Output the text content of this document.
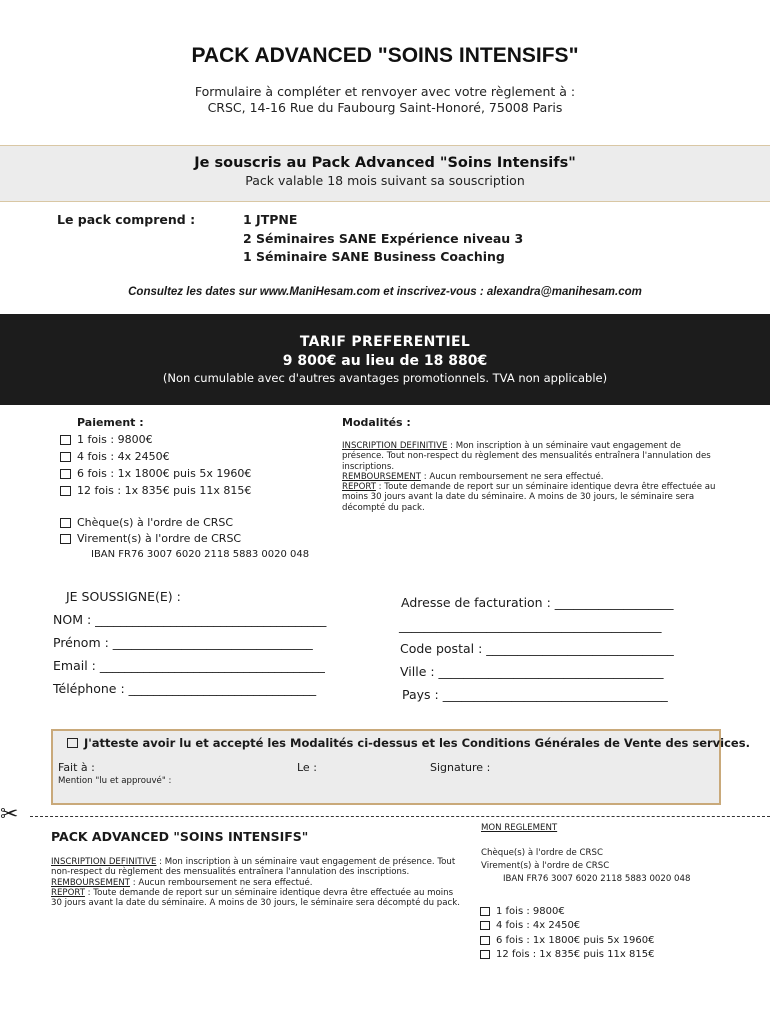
PACK ADVANCED "SOINS INTENSIFS"
Formulaire à compléter et renvoyer avec votre règlement à :
CRSC, 14-16 Rue du Faubourg Saint-Honoré, 75008 Paris
Je souscris au Pack Advanced "Soins Intensifs"
Pack valable 18 mois suivant sa souscription
Le pack comprend :	1 JTPNE
2 Séminaires SANE Expérience niveau 3
1 Séminaire SANE Business Coaching
Consultez les dates sur www.ManiHesam.com et inscrivez-vous : alexandra@manihesam.com
TARIF PREFERENTIEL
9 800€ au lieu de 18 880€
(Non cumulable avec d'autres avantages promotionnels. TVA non applicable)
Paiement :
1 fois : 9800€
4 fois : 4x 2450€
6 fois : 1x 1800€ puis 5x 1960€
12 fois : 1x 835€ puis 11x 815€
Chèque(s) à l'ordre de CRSC
Virement(s) à l'ordre de CRSC
IBAN FR76 3007 6020 2118 5883 0020 048
Modalités :
INSCRIPTION DEFINITIVE : Mon inscription à un séminaire vaut engagement de présence. Tout non-respect du règlement des mensualités entraînera l'annulation des inscriptions.
REMBOURSEMENT : Aucun remboursement ne sera effectué.
REPORT : Toute demande de report sur un séminaire identique devra être effectuée au moins 30 jours avant la date du séminaire. A moins de 30 jours, le séminaire sera décompté du pack.
JE SOUSSIGNE(E) :
NOM : _____________________________________
Prénom : ________________________________
Email : ____________________________________
Téléphone : ______________________________
Adresse de facturation : ___________________
__________________________________________
Code postal : ______________________________
Ville : ____________________________________
Pays : ____________________________________
J'atteste avoir lu et accepté les Modalités ci-dessus et les Conditions Générales de Vente des services.
Fait à :	Le :	Signature :
Mention "lu et approuvé" :
✂
PACK ADVANCED "SOINS INTENSIFS"
INSCRIPTION DEFINITIVE : Mon inscription à un séminaire vaut engagement de présence. Tout non-respect du règlement des mensualités entraînera l'annulation des inscriptions.
REMBOURSEMENT : Aucun remboursement ne sera effectué.
REPORT : Toute demande de report sur un séminaire identique devra être effectuée au moins 30 jours avant la date du séminaire. A moins de 30 jours, le séminaire sera décompté du pack.
MON REGLEMENT
Chèque(s) à l'ordre de CRSC
Virement(s) à l'ordre de CRSC
IBAN FR76 3007 6020 2118 5883 0020 048
1 fois : 9800€
4 fois : 4x 2450€
6 fois : 1x 1800€ puis 5x 1960€
12 fois : 1x 835€ puis 11x 815€
